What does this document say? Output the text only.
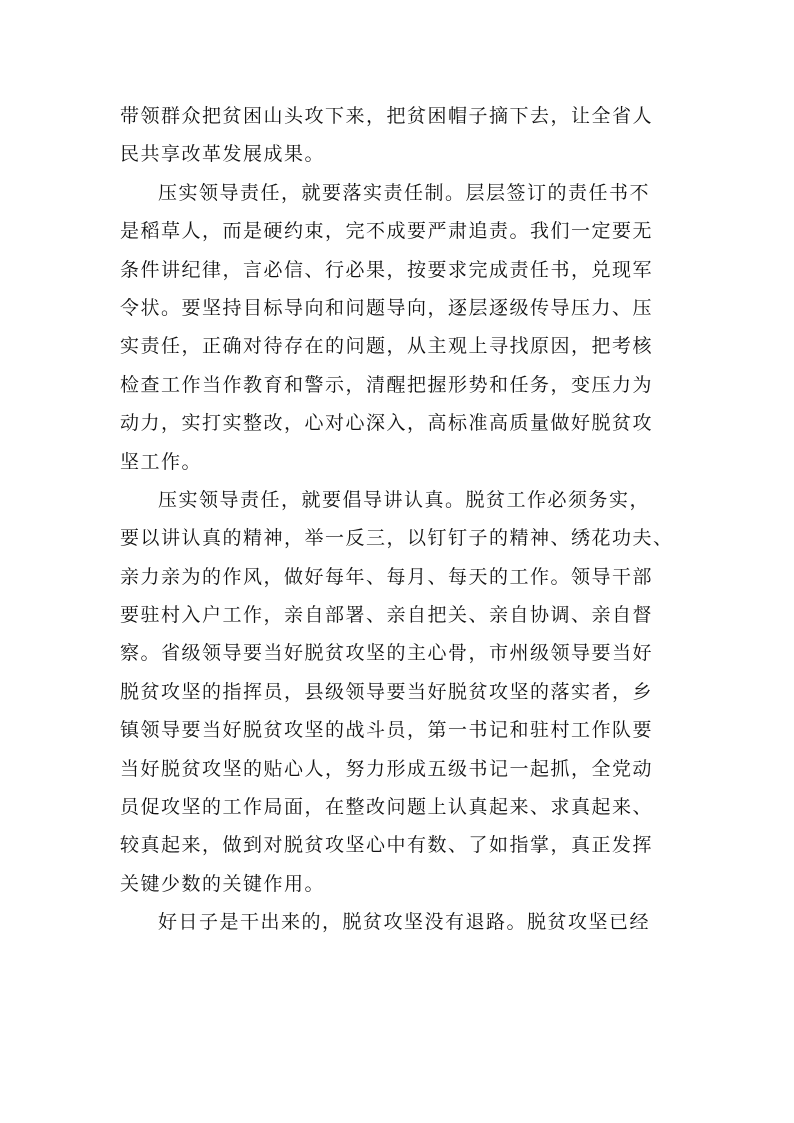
带领群众把贫困山头攻下来，把贫困帽子摘下去，让全省人
民共享改革发展成果。
压实领导责任，就要落实责任制。层层签订的责任书不
是稻草人，而是硬约束，完不成要严肃追责。我们一定要无
条件讲纪律，言必信、行必果，按要求完成责任书，兑现军
令状。要坚持目标导向和问题导向，逐层逐级传导压力、压
实责任，正确对待存在的问题，从主观上寻找原因，把考核
检查工作当作教育和警示，清醒把握形势和任务，变压力为
动力，实打实整改，心对心深入，高标准高质量做好脱贫攻
坚工作。
压实领导责任，就要倡导讲认真。脱贫工作必须务实，
要以讲认真的精神，举一反三，以钉钉子的精神、绣花功夫、
亲力亲为的作风，做好每年、每月、每天的工作。领导干部
要驻村入户工作，亲自部署、亲自把关、亲自协调、亲自督
察。省级领导要当好脱贫攻坚的主心骨，市州级领导要当好
脱贫攻坚的指挥员，县级领导要当好脱贫攻坚的落实者，乡
镇领导要当好脱贫攻坚的战斗员，第一书记和驻村工作队要
当好脱贫攻坚的贴心人，努力形成五级书记一起抓，全党动
员促攻坚的工作局面，在整改问题上认真起来、求真起来、
较真起来，做到对脱贫攻坚心中有数、了如指掌，真正发挥
关键少数的关键作用。
好日子是干出来的，脱贫攻坚没有退路。脱贫攻坚已经
